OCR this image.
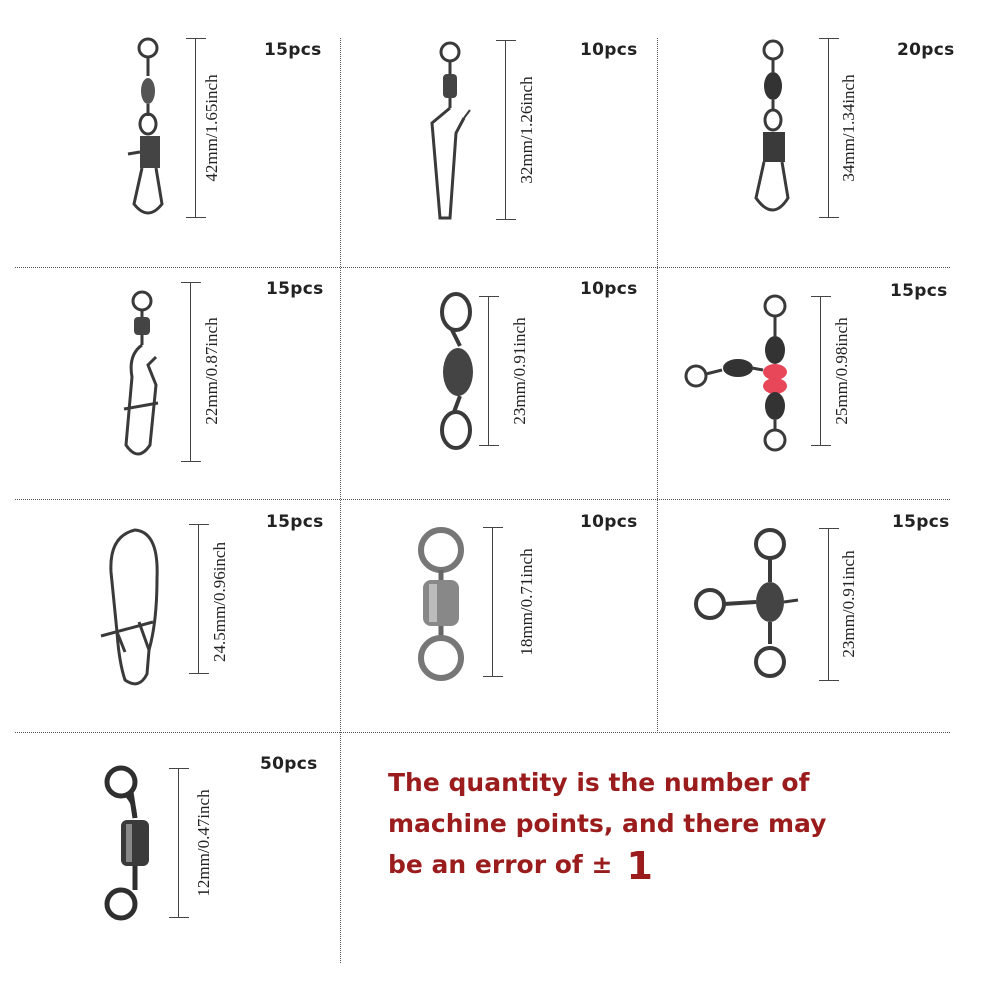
15pcs
42mm/1.65inch
10pcs
32mm/1.26inch
20pcs
34mm/1.34inch
15pcs
22mm/0.87inch
10pcs
23mm/0.91inch
15pcs
25mm/0.98inch
15pcs
24.5mm/0.96inch
10pcs
18mm/0.71inch
15pcs
23mm/0.91inch
50pcs
12mm/0.47inch
The quantity is the number of
machine points, and there may
be an error of ± 1
